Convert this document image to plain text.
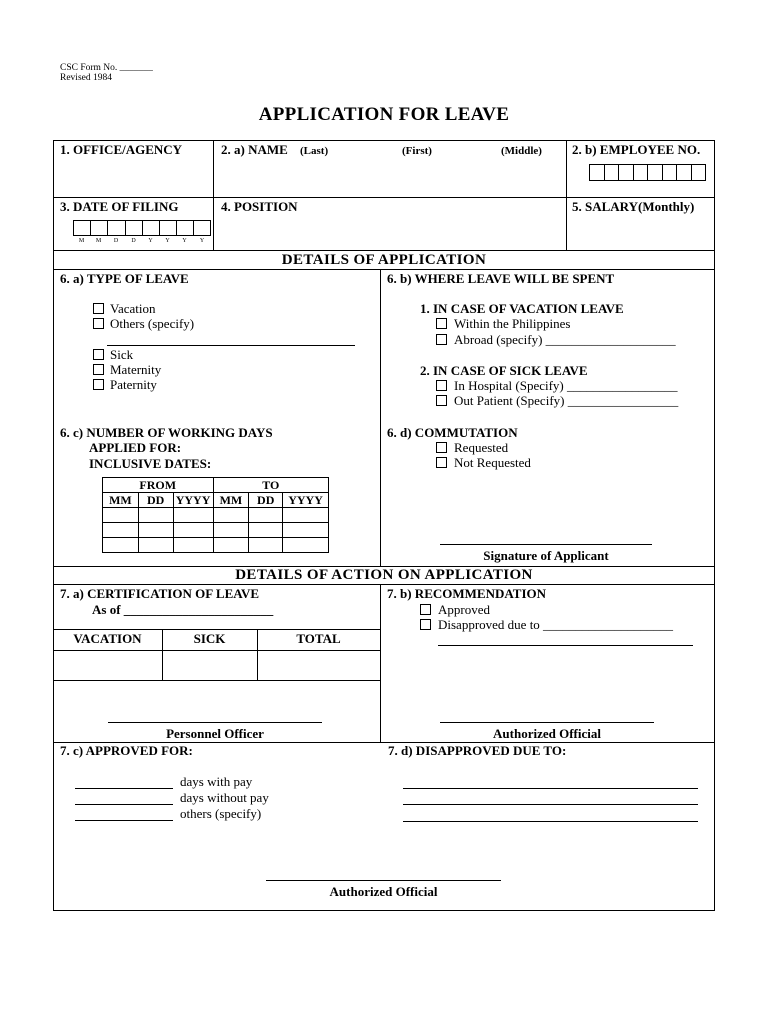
CSC Form No. _______
Revised 1984
APPLICATION FOR LEAVE
1. OFFICE/AGENCY	2. a) NAME (Last)	(First)	(Middle) 2. b) EMPLOYEE NO.
3. DATE OF FILING	4. POSITION	5. SALARY(Monthly)
M	M	D	D	Y	Y	Y	Y
DETAILS OF APPLICATION
6. a) TYPE OF LEAVE
Vacation
Others (specify)
Sick
Maternity
Paternity
6. b) WHERE LEAVE WILL BE SPENT
1. IN CASE OF VACATION LEAVE
Within the Philippines
Abroad (specify) ____________________
2. IN CASE OF SICK LEAVE
In Hospital (Specify) _________________
Out Patient (Specify) _________________
6. c) NUMBER OF WORKING DAYS
APPLIED FOR:
INCLUSIVE DATES:
FROM			TO		
MM	DD	YYYY	MM	DD	YYYY

6. d) COMMUTATION
Requested
Not Requested
Signature of Applicant
DETAILS OF ACTION ON APPLICATION
7. a) CERTIFICATION OF LEAVE
As of _______________________
VACATION	SICK	TOTAL
Personnel Officer
7. b) RECOMMENDATION
Approved
Disapproved due to ____________________
Authorized Official
7. c) APPROVED FOR:
days with pay
days without pay
others (specify)
7. d) DISAPPROVED DUE TO:
Authorized Official
